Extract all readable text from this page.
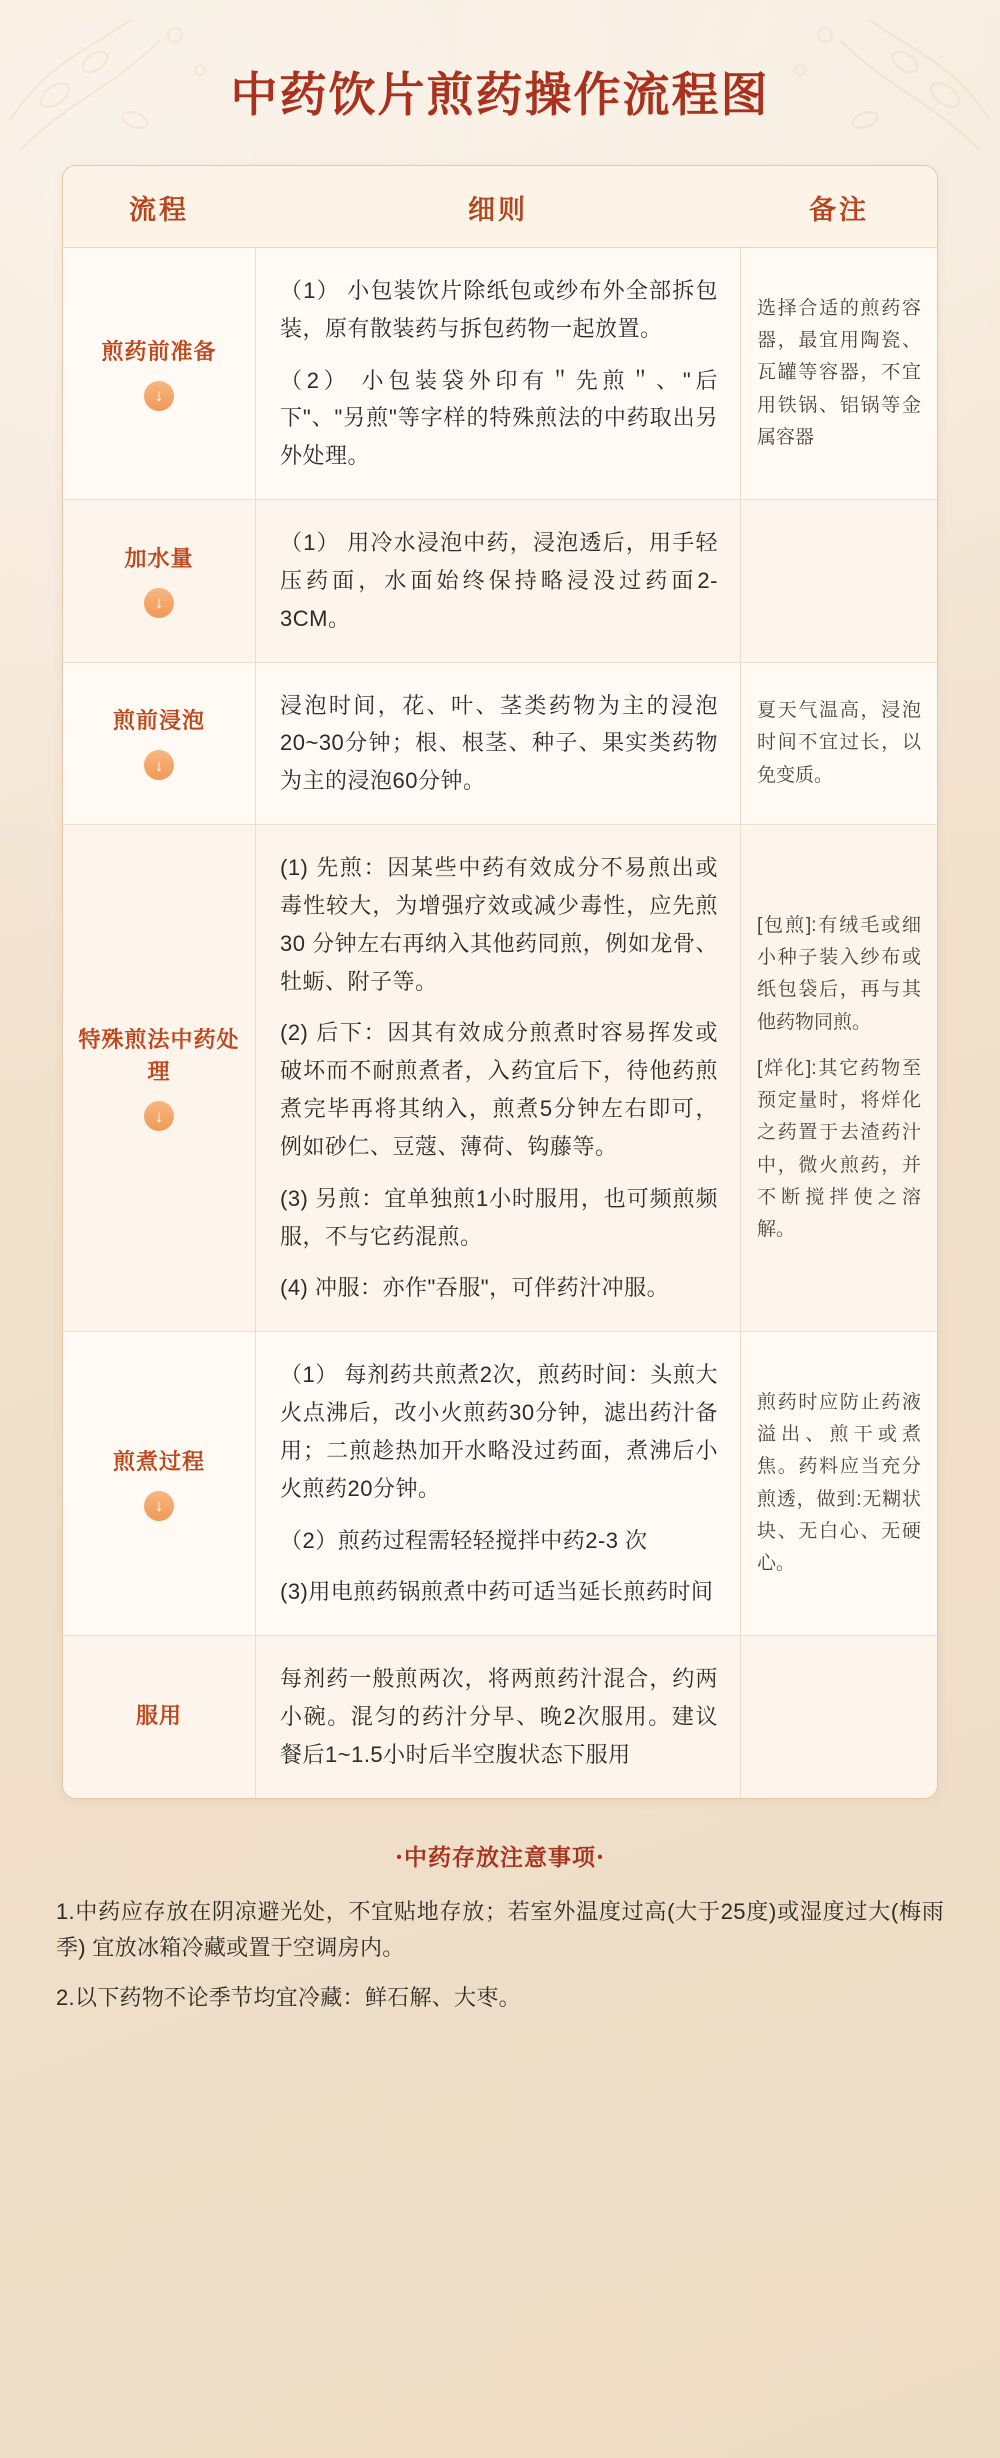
中药饮片煎药操作流程图
流程	细则	备注
煎药前准备
↓

（1） 小包装饮片除纸包或纱布外全部拆包装，原有散装药与拆包药物一起放置。

（2） 小包装袋外印有＂先煎＂、"后下"、"另煎"等字样的特殊煎法的中药取出另外处理。

选择合适的煎药容器，最宜用陶瓷、瓦罐等容器，不宜用铁锅、铝锅等金属容器

加水量
↓

（1） 用冷水浸泡中药，浸泡透后，用手轻压药面，水面始终保持略浸没过药面2-3CM。

煎前浸泡
↓

浸泡时间，花、叶、茎类药物为主的浸泡20~30分钟；根、根茎、种子、果实类药物为主的浸泡60分钟。

夏天气温高，浸泡时间不宜过长，以免变质。

特殊煎法中药处理
↓

(1) 先煎：因某些中药有效成分不易煎出或毒性较大，为增强疗效或减少毒性，应先煎 30 分钟左右再纳入其他药同煎，例如龙骨、牡蛎、附子等。

(2) 后下：因其有效成分煎煮时容易挥发或破坏而不耐煎煮者，入药宜后下，待他药煎煮完毕再将其纳入，煎煮5分钟左右即可，例如砂仁、豆蔻、薄荷、钩藤等。

(3) 另煎：宜单独煎1小时服用，也可频煎频服，不与它药混煎。

(4) 冲服：亦作"吞服"，可伴药汁冲服。

[包煎]:有绒毛或细小种子装入纱布或纸包袋后，再与其他药物同煎。

[烊化]:其它药物至预定量时，将烊化之药置于去渣药汁中，微火煎药，并不断搅拌使之溶解。

煎煮过程
↓

（1） 每剂药共煎煮2次，煎药时间：头煎大火点沸后，改小火煎药30分钟，滤出药汁备用；二煎趁热加开水略没过药面，煮沸后小火煎药20分钟。

（2）煎药过程需轻轻搅拌中药2-3 次

(3)用电煎药锅煎煮中药可适当延长煎药时间

煎药时应防止药液溢出、煎干或煮焦。药料应当充分煎透，做到:无糊状块、无白心、无硬心。

服用

每剂药一般煎两次，将两煎药汁混合，约两小碗。混匀的药汁分早、晚2次服用。建议餐后1~1.5小时后半空腹状态下服用

·中药存放注意事项·
1.中药应存放在阴凉避光处，不宜贴地存放；若室外温度过高(大于25度)或湿度过大(梅雨季) 宜放冰箱冷藏或置于空调房内。
2.以下药物不论季节均宜冷藏：鲜石解、大枣。
